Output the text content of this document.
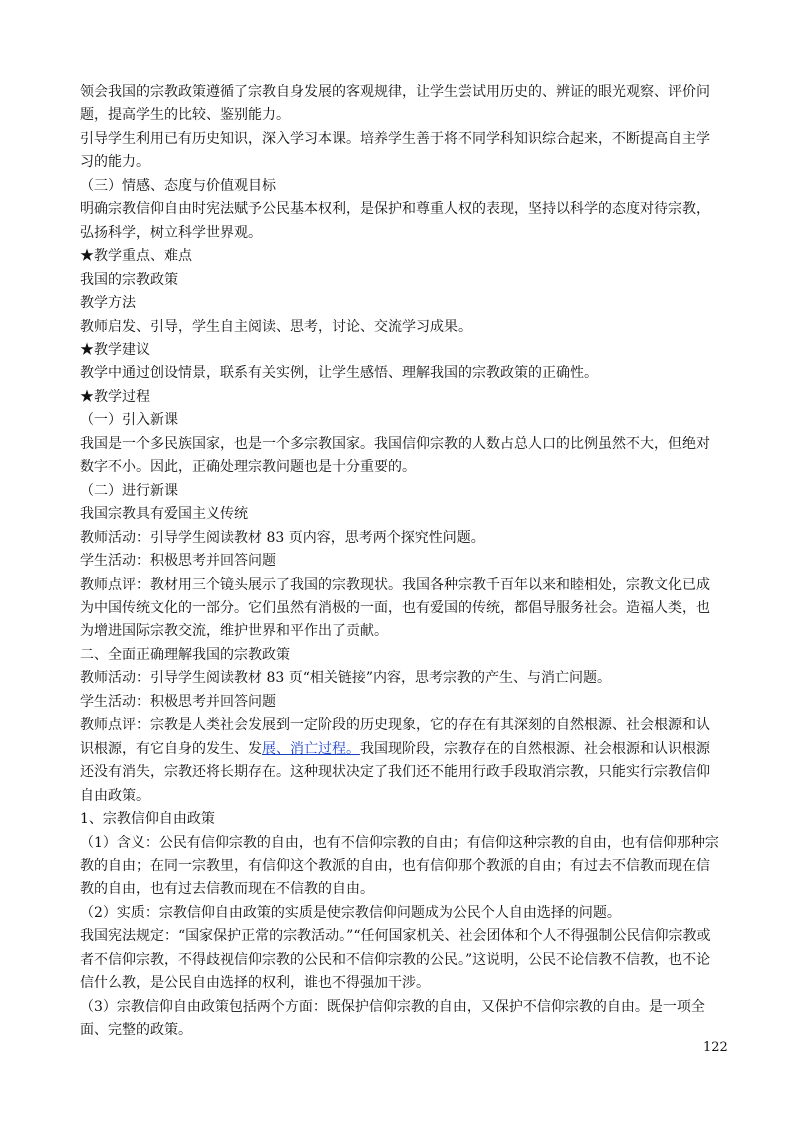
领会我国的宗教政策遵循了宗教自身发展的客观规律，让学生尝试用历史的、辨证的眼光观察、评价问题，提高学生的比较、鉴别能力。

引导学生利用已有历史知识，深入学习本课。培养学生善于将不同学科知识综合起来，不断提高自主学习的能力。

（三）情感、态度与价值观目标

明确宗教信仰自由时宪法赋予公民基本权利，是保护和尊重人权的表现，坚持以科学的态度对待宗教，弘扬科学，树立科学世界观。

★教学重点、难点

我国的宗教政策

教学方法

教师启发、引导，学生自主阅读、思考，讨论、交流学习成果。

★教学建议

教学中通过创设情景，联系有关实例，让学生感悟、理解我国的宗教政策的正确性。

★教学过程

（一）引入新课

我国是一个多民族国家，也是一个多宗教国家。我国信仰宗教的人数占总人口的比例虽然不大，但绝对数字不小。因此，正确处理宗教问题也是十分重要的。

（二）进行新课

我国宗教具有爱国主义传统

教师活动：引导学生阅读教材 83 页内容，思考两个探究性问题。

学生活动：积极思考并回答问题

教师点评：教材用三个镜头展示了我国的宗教现状。我国各种宗教千百年以来和睦相处，宗教文化已成为中国传统文化的一部分。它们虽然有消极的一面，也有爱国的传统，都倡导服务社会。造福人类，也为增进国际宗教交流，维护世界和平作出了贡献。

二、全面正确理解我国的宗教政策

教师活动：引导学生阅读教材 83 页“相关链接”内容，思考宗教的产生、与消亡问题。

学生活动：积极思考并回答问题

教师点评：宗教是人类社会发展到一定阶段的历史现象，它的存在有其深刻的自然根源、社会根源和认识根源，有它自身的发生、发展、消亡过程。我国现阶段，宗教存在的自然根源、社会根源和认识根源还没有消失，宗教还将长期存在。这种现状决定了我们还不能用行政手段取消宗教，只能实行宗教信仰自由政策。

1、宗教信仰自由政策

（1）含义：公民有信仰宗教的自由，也有不信仰宗教的自由；有信仰这种宗教的自由，也有信仰那种宗教的自由；在同一宗教里，有信仰这个教派的自由，也有信仰那个教派的自由；有过去不信教而现在信教的自由，也有过去信教而现在不信教的自由。

（2）实质：宗教信仰自由政策的实质是使宗教信仰问题成为公民个人自由选择的问题。

我国宪法规定：“国家保护正常的宗教活动。”“任何国家机关、社会团体和个人不得强制公民信仰宗教或者不信仰宗教，不得歧视信仰宗教的公民和不信仰宗教的公民。”这说明，公民不论信教不信教，也不论信什么教，是公民自由选择的权利，谁也不得强加干涉。

（3）宗教信仰自由政策包括两个方面：既保护信仰宗教的自由，又保护不信仰宗教的自由。是一项全面、完整的政策。

122
